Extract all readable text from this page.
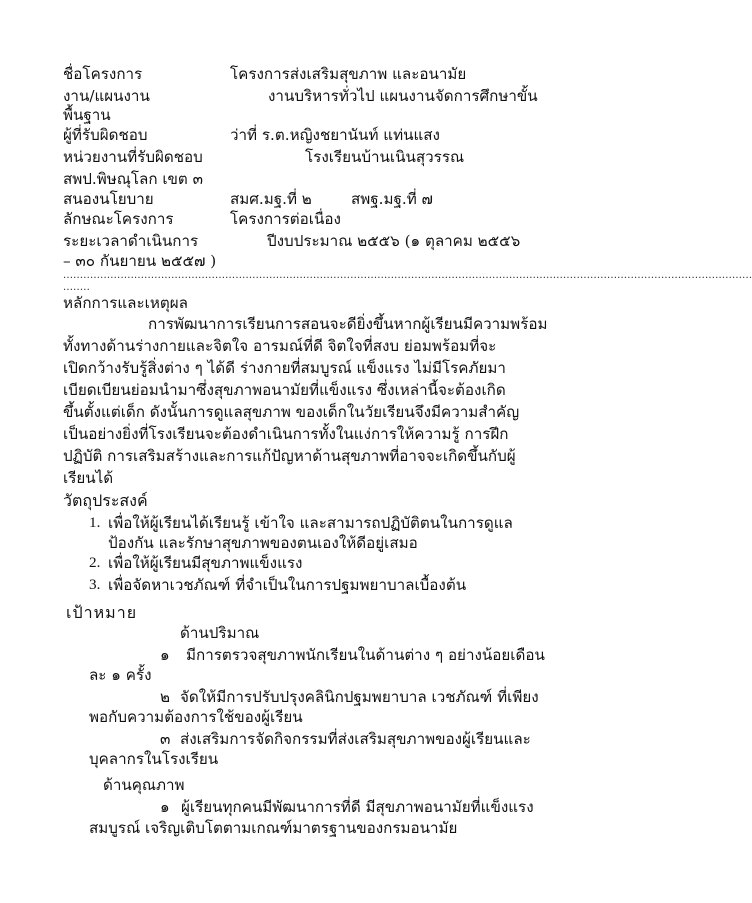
ชื่อโครงการ	โครงการส่งเสริมสุขภาพ และอนามัย
งาน/แผนงาน	งานบริหารทั่วไป แผนงานจัดการศึกษาขั้น
พื้นฐาน
ผู้ที่รับผิดชอบ	ว่าที่ ร.ต.หญิงชยานันท์ แท่นแสง
หน่วยงานที่รับผิดชอบ	โรงเรียนบ้านเนินสุวรรณ
สพป.พิษณุโลก เขต ๓
สนองนโยบาย	สมศ.มฐ.ที่ ๒	สพฐ.มฐ.ที่ ๗
ลักษณะโครงการ	โครงการต่อเนื่อง
ระยะเวลาดำเนินการ	ปีงบประมาณ ๒๕๕๖ (๑ ตุลาคม ๒๕๕๖
– ๓๐ กันยายน ๒๕๕๗ )
............................................................................................................................................................................................................
........
หลักการและเหตุผล
การพัฒนาการเรียนการสอนจะดียิ่งขึ้นหากผู้เรียนมีความพร้อม
ทั้งทางด้านร่างกายและจิตใจ อารมณ์ที่ดี จิตใจที่สงบ ย่อมพร้อมที่จะ
เปิดกว้างรับรู้สิ่งต่าง ๆ ได้ดี ร่างกายที่สมบูรณ์ แข็งแรง ไม่มีโรคภัยมา
เบียดเบียนย่อมนำมาซึ่งสุขภาพอนามัยที่แข็งแรง ซึ่งเหล่านี้จะต้องเกิด
ขึ้นตั้งแต่เด็ก ดังนั้นการดูแลสุขภาพ ของเด็กในวัยเรียนจึงมีความสำคัญ
เป็นอย่างยิ่งที่โรงเรียนจะต้องดำเนินการทั้งในแง่การให้ความรู้ การฝึก
ปฏิบัติ การเสริมสร้างและการแก้ปัญหาด้านสุขภาพที่อาจจะเกิดขึ้นกับผู้
เรียนได้
วัตถุประสงค์
1. เพื่อให้ผู้เรียนได้เรียนรู้ เข้าใจ และสามารถปฏิบัติตนในการดูแล
ป้องกัน และรักษาสุขภาพของตนเองให้ดีอยู่เสมอ
2. เพื่อให้ผู้เรียนมีสุขภาพแข็งแรง
3. เพื่อจัดหาเวชภัณฑ์ ที่จำเป็นในการปฐมพยาบาลเบื้องต้น
เป้าหมาย
ด้านปริมาณ
๑ มีการตรวจสุขภาพนักเรียนในด้านต่าง ๆ อย่างน้อยเดือน
ละ ๑ ครั้ง
๒ จัดให้มีการปรับปรุงคลินิกปฐมพยาบาล เวชภัณฑ์ ที่เพียง
พอกับความต้องการใช้ของผู้เรียน
๓ ส่งเสริมการจัดกิจกรรมที่ส่งเสริมสุขภาพของผู้เรียนและ
บุคลากรในโรงเรียน
ด้านคุณภาพ
๑ ผู้เรียนทุกคนมีพัฒนาการที่ดี มีสุขภาพอนามัยที่แข็งแรง
สมบูรณ์ เจริญเติบโตตามเกณฑ์มาตรฐานของกรมอนามัย
